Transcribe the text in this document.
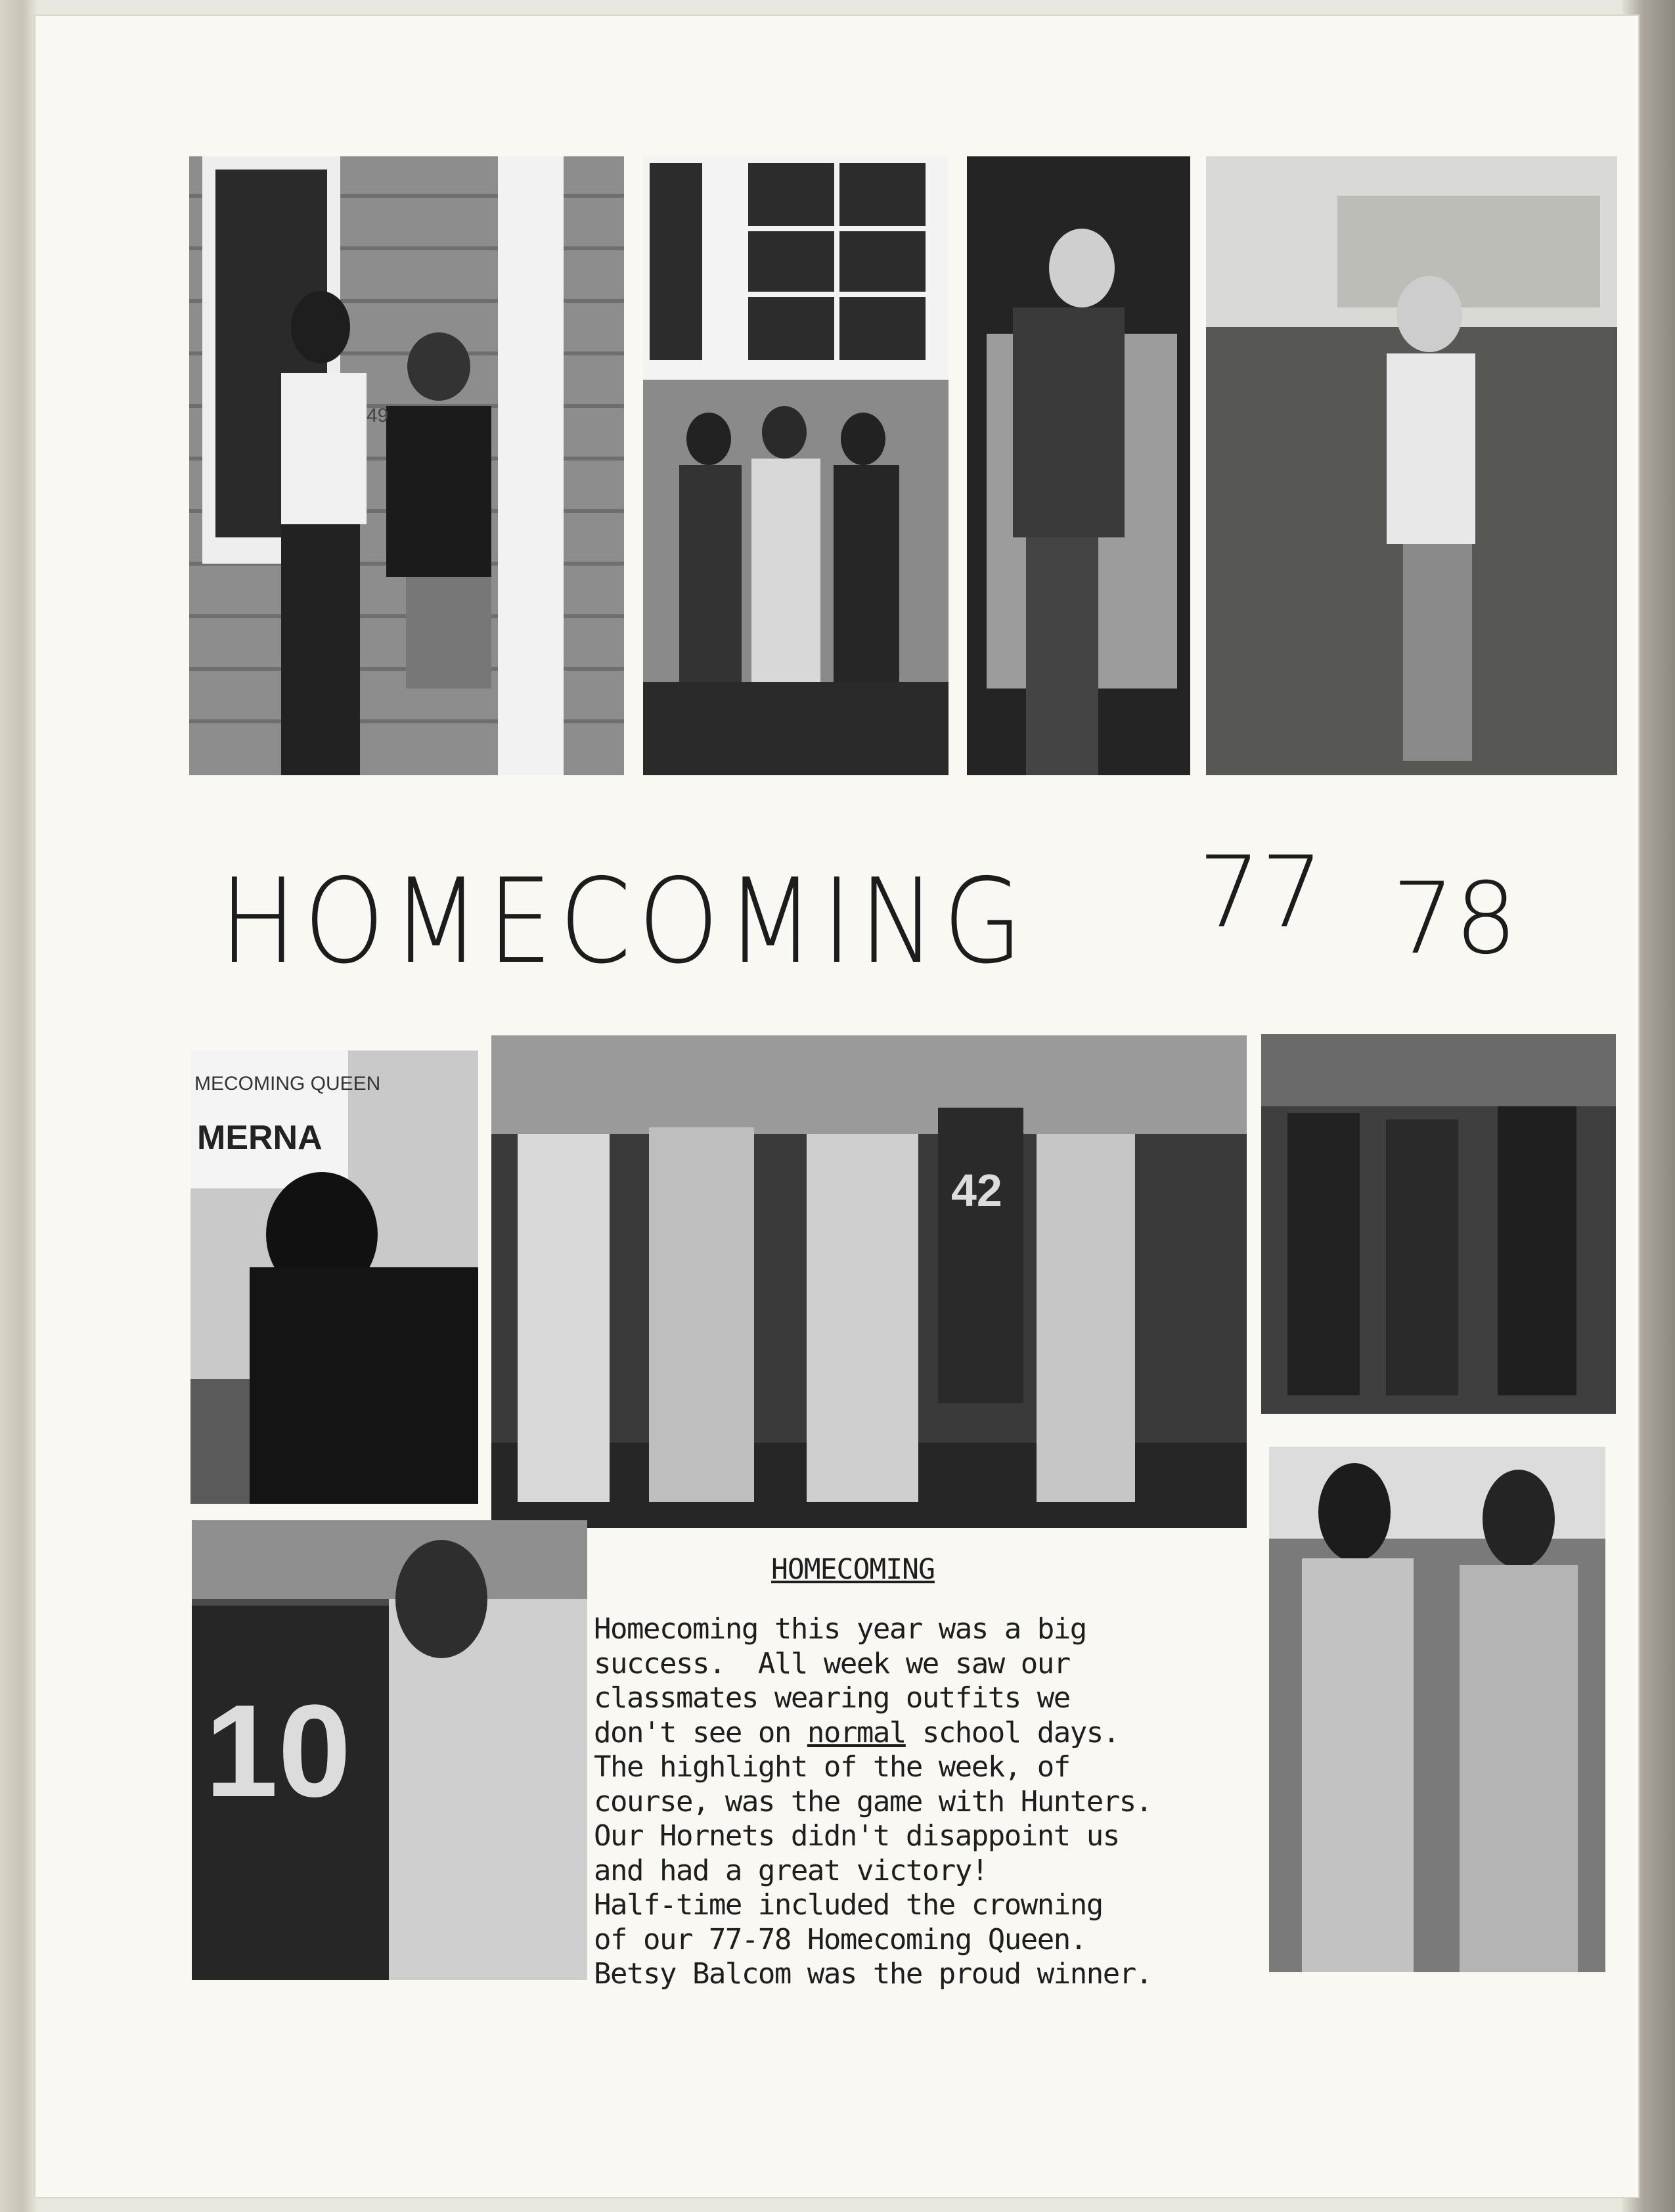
HOMECOMING 77 78
MECOMING QUEEN
MERNA
42
10
HOMECOMING
Homecoming this year was a big
success.  All week we saw our
classmates wearing outfits we
don't see on normal school days.
The highlight of the week, of
course, was the game with Hunters.
Our Hornets didn't disappoint us
and had a great victory!
Half-time included the crowning
of our 77-78 Homecoming Queen.
Betsy Balcom was the proud winner.
49
